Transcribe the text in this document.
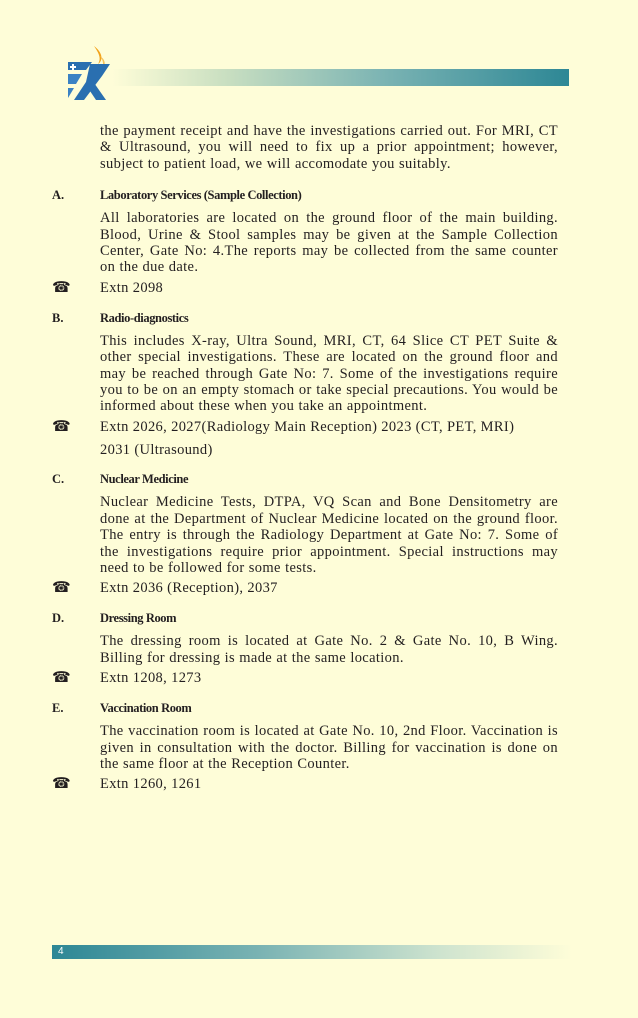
the payment receipt and have the investigations carried out. For MRI, CT & Ultrasound, you will need to fix up a prior appointment; however, subject to patient load, we will accomodate you suitably.
A.	Laboratory Services (Sample Collection)
All laboratories are located on the ground floor of the main building. Blood, Urine & Stool samples may be given at the Sample Collection Center, Gate No: 4.The reports may be collected from the same counter on the due date.
☎	Extn 2098
B.	Radio-diagnostics
This includes X-ray, Ultra Sound, MRI, CT, 64 Slice CT PET Suite & other special investigations. These are located on the ground floor and may be reached through Gate No: 7. Some of the investigations require you to be on an empty stomach or take special precautions. You would be informed about these when you take an appointment.
☎	Extn 2026, 2027(Radiology Main Reception) 2023 (CT, PET, MRI)
2031 (Ultrasound)
C.	Nuclear Medicine
Nuclear Medicine Tests, DTPA, VQ Scan and Bone Densitometry are done at the Department of Nuclear Medicine located on the ground floor. The entry is through the Radiology Department at Gate No: 7. Some of the investigations require prior appointment. Special instructions may need to be followed for some tests.
☎	Extn 2036 (Reception), 2037
D.	Dressing Room
The dressing room is located at Gate No. 2 & Gate No. 10, B Wing. Billing for dressing is made at the same location.
☎	Extn 1208, 1273
E.	Vaccination Room
The vaccination room is located at Gate No. 10, 2nd Floor. Vaccination is given in consultation with the doctor. Billing for vaccination is done on the same floor at the Reception Counter.
☎	Extn 1260, 1261
4
